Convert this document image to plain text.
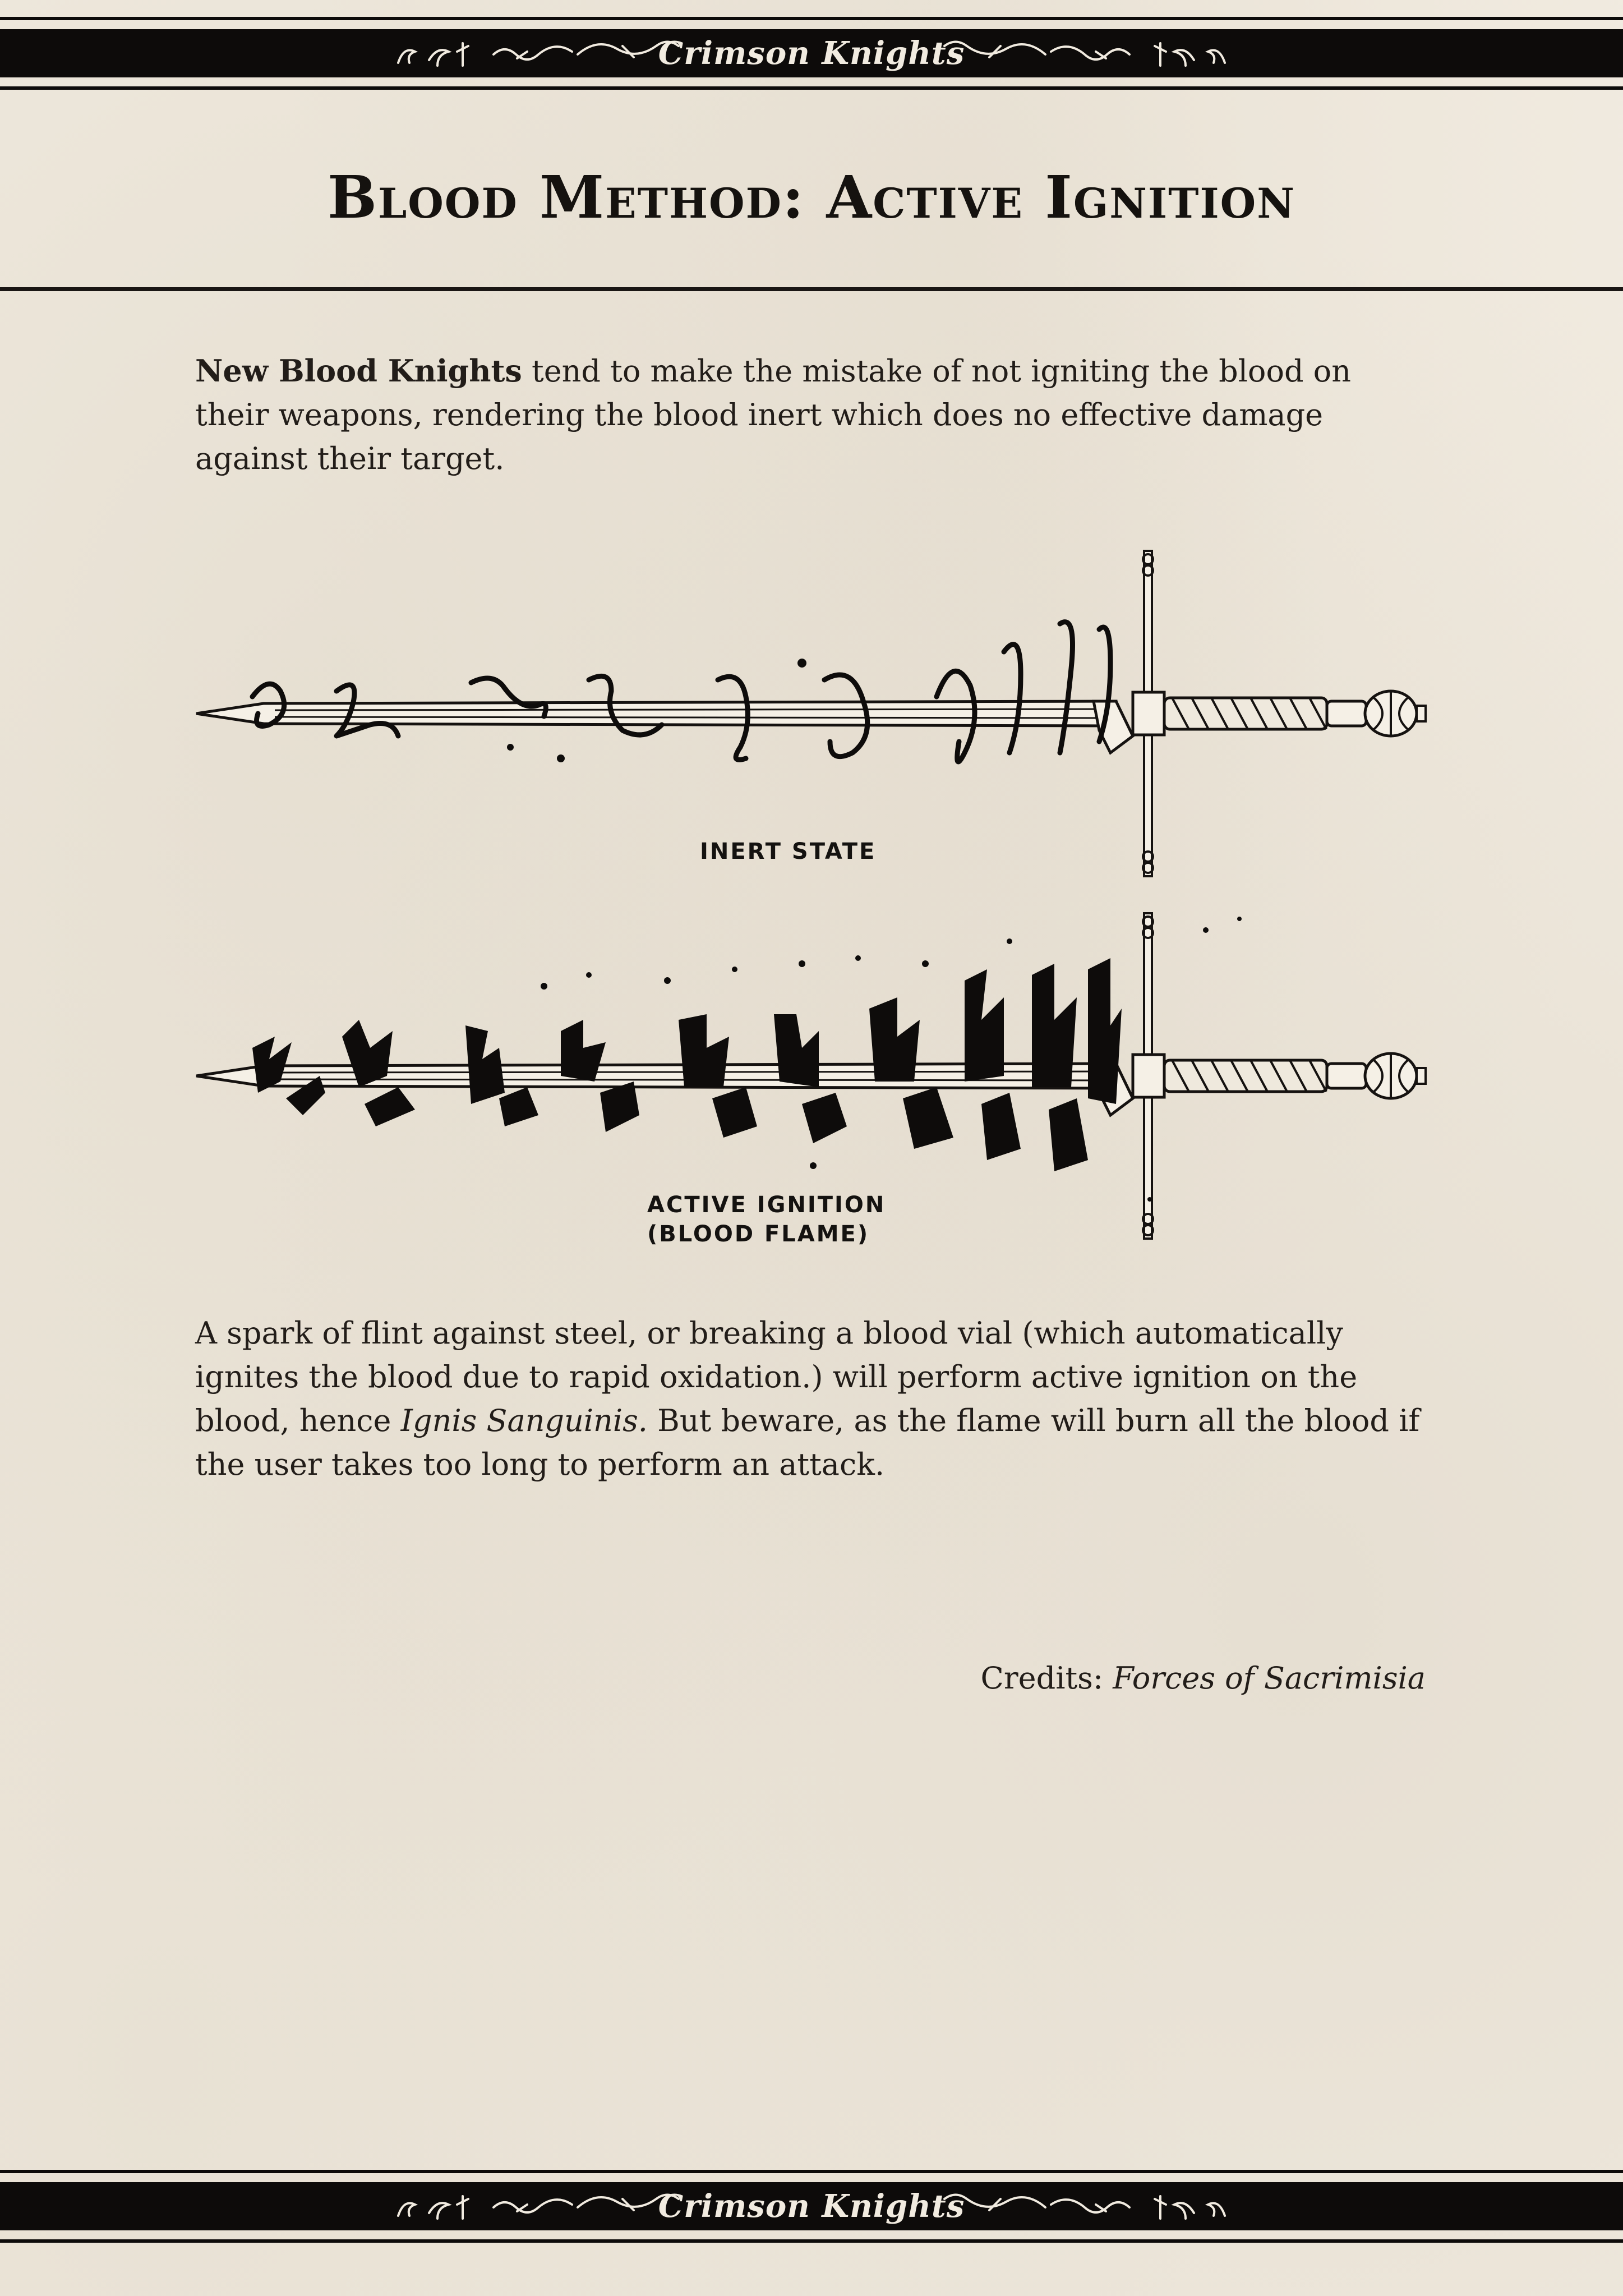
Crimson Knights
Blood Method: Active Ignition
New Blood Knights tend to make the mistake of not igniting the blood on their weapons, rendering the blood inert which does no effective damage against their target.
INERT STATE
ACTIVE IGNITION
(BLOOD FLAME)
A spark of flint against steel, or breaking a blood vial (which automatically ignites the blood due to rapid oxidation.) will perform active ignition on the blood, hence Ignis Sanguinis. But beware, as the flame will burn all the blood if the user takes too long to perform an attack.
Credits: Forces of Sacrimisia
Crimson Knights
